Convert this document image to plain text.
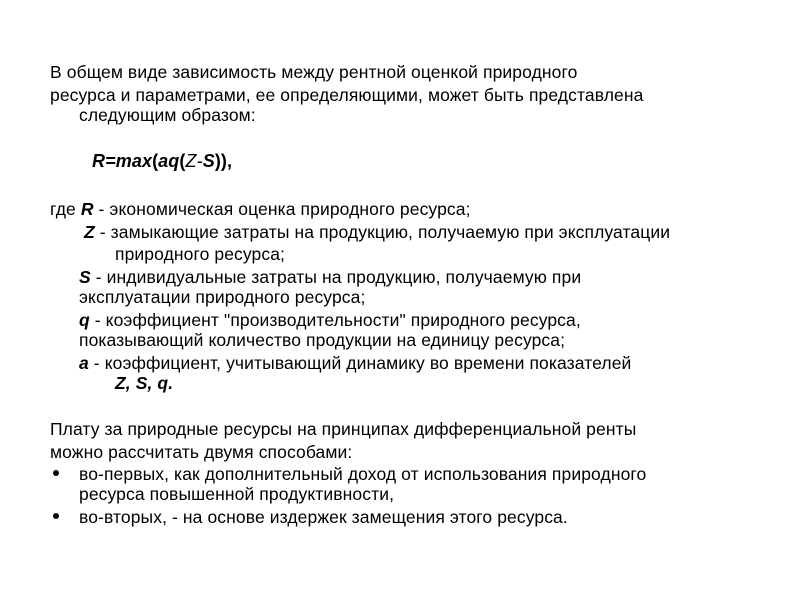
В общем виде зависимость между рентной оценкой природного
ресурса и параметрами, ее определяющими, может быть представлена
следующим образом:
R=max(aq(Z-S)),
где R - экономическая оценка природного ресурса;
Z - замыкающие затраты на продукцию, получаемую при эксплуатации
природного ресурса;
S - индивидуальные затраты на продукцию, получаемую при
эксплуатации природного ресурса;
q - коэффициент "производительности" природного ресурса,
показывающий количество продукции на единицу ресурса;
a - коэффициент, учитывающий динамику во времени показателей
Z, S, q.
Плату за природные ресурсы на принципах дифференциальной ренты
можно рассчитать двумя способами:
во-первых, как дополнительный доход от использования природного
ресурса повышенной продуктивности,
во-вторых, - на основе издержек замещения этого ресурса.
